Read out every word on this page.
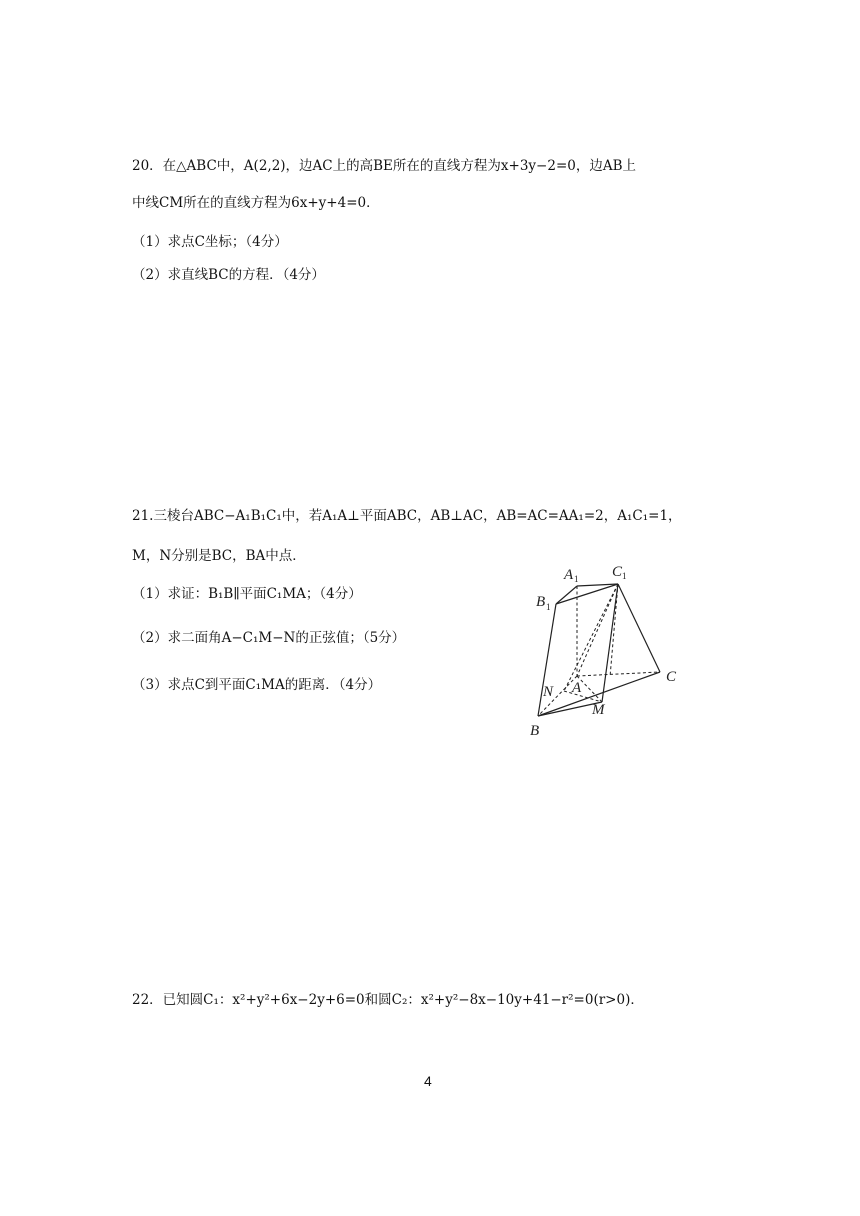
20．在△ABC中，A(2,2)，边AC上的高BE所在的直线方程为x+3y−2=0，边AB上
中线CM所在的直线方程为6x+y+4=0．
（1）求点C坐标；（4分）
（2）求直线BC的方程．（4分）
21.三棱台ABC−A₁B₁C₁中，若A₁A⊥平面ABC，AB⊥AC，AB=AC=AA₁=2，A₁C₁=1，
M，N分别是BC，BA中点．
（1）求证：B₁B∥平面C₁MA；（4分）
（2）求二面角A−C₁M−N的正弦值；（5分）
（3）求点C到平面C₁MA的距离．（4分）
A 1 C 1
B 1
C
N A
M
B
22．已知圆C₁：x²+y²+6x−2y+6=0和圆C₂：x²+y²−8x−10y+41−r²=0(r>0)．
4
